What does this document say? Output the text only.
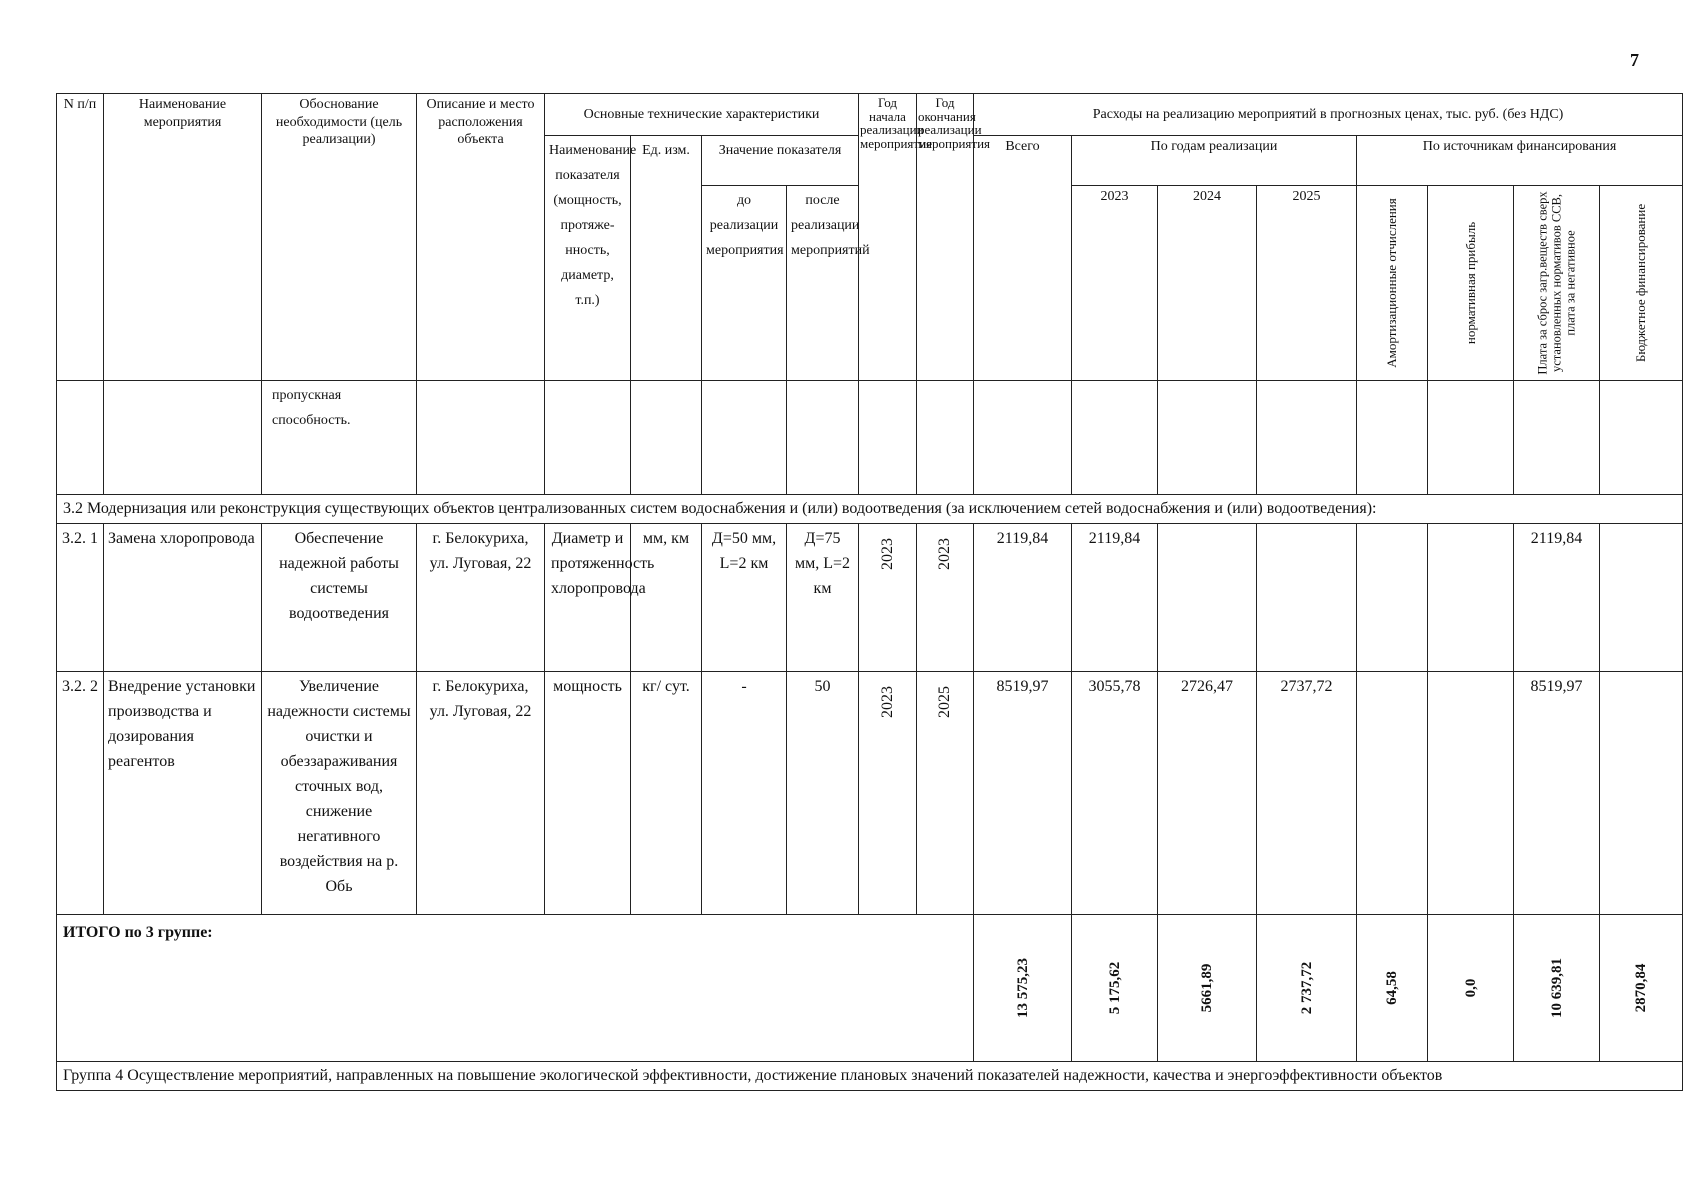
7
N п/п	Наименование мероприятия	Обоснование необходимости (цель реализации)	Описание и место расположения объекта	Основные технические характеристики				Год начала реализации мероприятия	Год окончания реализации мероприятия	Расходы на реализацию мероприятий в прогнозных ценах, тыс. руб. (без НДС)							
				Наименование показателя (мощность, протяже-нность, диаметр, т.п.)	Ед. изм.	Значение показателя				Всего	По годам реализации			По источникам финансирования			
						до реализации мероприятия	после реализации мероприятий				2023	2024	2025	Амортизационные отчисления	нормативная прибыль	Плата за сброс загр.веществ сверх установленных нормативов ССВ, плата за негативное	Бюджетное финансирование

		пропускная способность.															
3.2 Модернизация или реконструкция существующих объектов централизованных систем водоснабжения и (или) водоотведения (за исключением сетей водоснабжения и (или) водоотведения):																	
3.2. 1	Замена хлоропровода	Обеспечение надежной работы системы водоотведения	г. Белокуриха, ул. Луговая, 22	Диаметр и протяженность хлоропровода	мм, км	Д=50 мм, L=2 км	Д=75 мм, L=2 км	2023	2023	2119,84	2119,84					2119,84	
3.2. 2	Внедрение установки производства и дозирования реагентов	Увеличение надежности системы очистки и обеззараживания сточных вод, снижение негативного воздействия на р. Обь	г. Белокуриха, ул. Луговая, 22	мощность	кг/ сут.	-	50	2023	2025	8519,97	3055,78	2726,47	2737,72			8519,97	
ИТОГО по 3 группе:										13 575,23	5 175,62	5661,89	2 737,72	64,58	0,0	10 639,81	2870,84

Группа 4 Осуществление мероприятий, направленных на повышение экологической эффективности, достижение плановых значений показателей надежности, качества и энергоэффективности объектов																	
